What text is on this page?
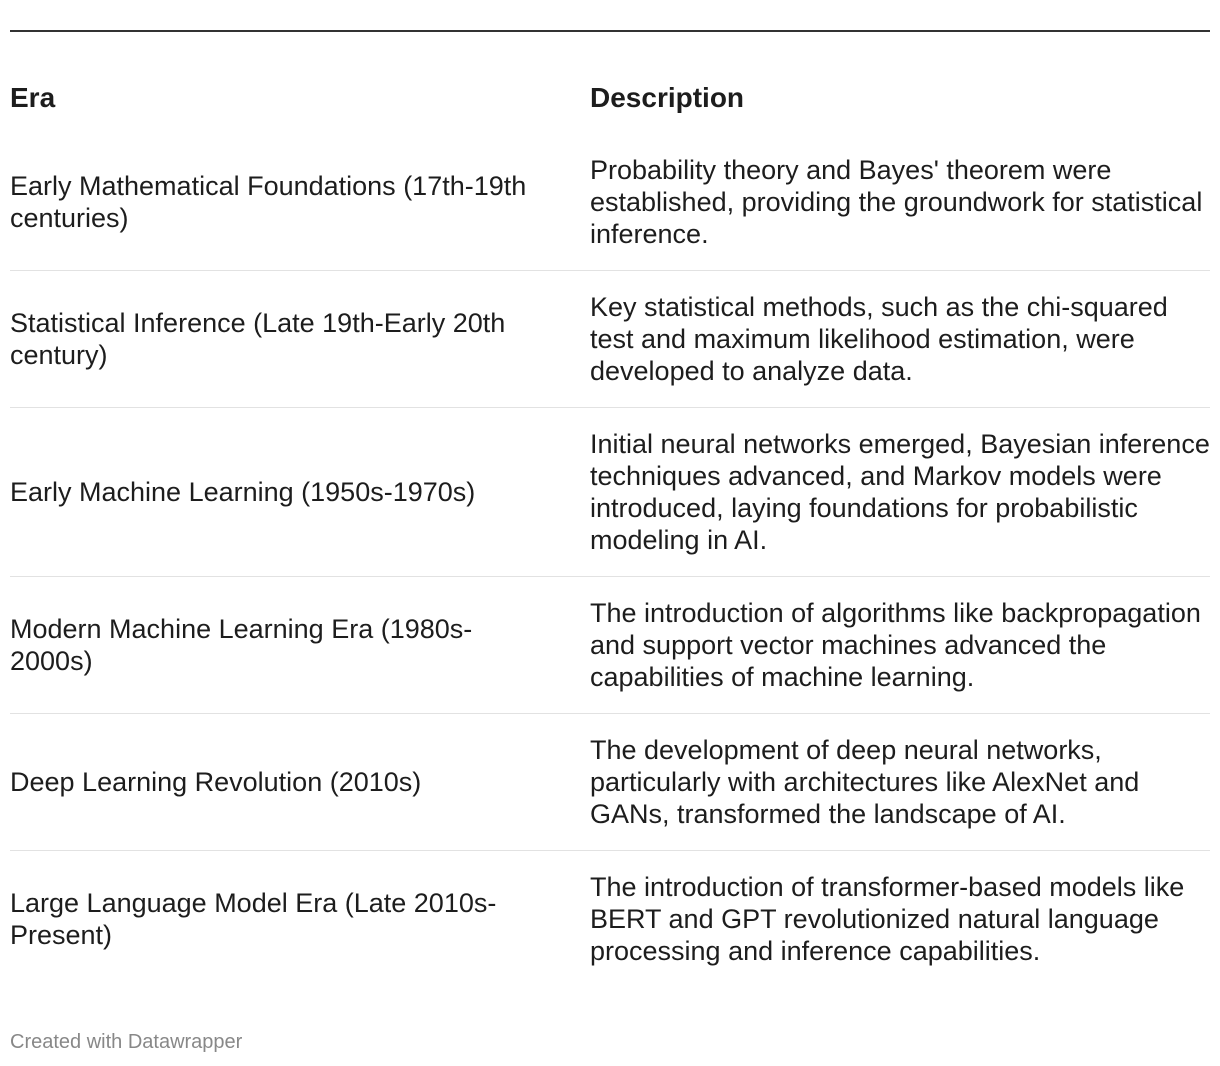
Era	Description
Early Mathematical Foundations (17th-19th centuries)	Probability theory and Bayes' theorem were established, providing the groundwork for statistical inference.
Statistical Inference (Late 19th-Early 20th century)	Key statistical methods, such as the chi-squared test and maximum likelihood estimation, were developed to analyze data.
Early Machine Learning (1950s-1970s)	Initial neural networks emerged, Bayesian inference techniques advanced, and Markov models were introduced, laying foundations for probabilistic modeling in AI.
Modern Machine Learning Era (1980s-2000s)	The introduction of algorithms like backpropagation and support vector machines advanced the capabilities of machine learning.
Deep Learning Revolution (2010s)	The development of deep neural networks, particularly with architectures like AlexNet and GANs, transformed the landscape of AI.
Large Language Model Era (Late 2010s-Present)	The introduction of transformer-based models like BERT and GPT revolutionized natural language processing and inference capabilities.
Created with Datawrapper
